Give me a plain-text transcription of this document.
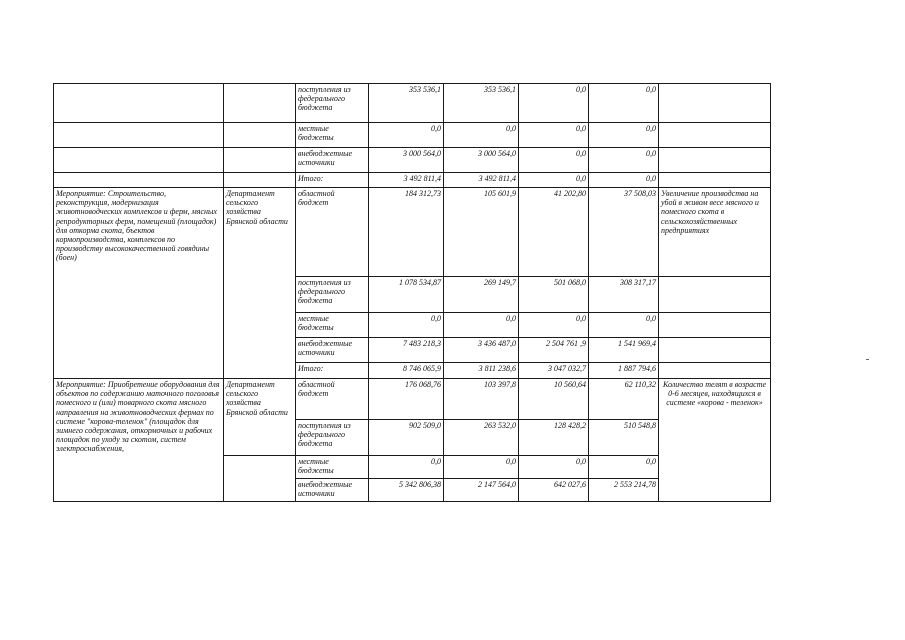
		поступления из федерального бюджета	353 536,1	353 536,1	0,0	0,0	
		местные бюджеты	0,0	0,0	0,0	0,0	
		внебюджетные источники	3 000 564,0	3 000 564,0	0,0	0,0	
		Итого:	3 492 811,4	3 492 811,4	0,0	0,0	
Мероприятие: Строительство, реконструкция, модернизация животноводческих комплексов и ферм, мясных репродукторных ферм, помещений (площадок) для откорма скота, бъектов кормопроизводства, комплексов по производству высококачественной говядины (боен)	Департамент сельского хозяйства Брянской области	областной бюджет	184 312,73	105 601,9	41 202,80	37 508,03	Увеличение производства на убой в живом весе мясного и помесного скота в сельскохозяйственных предприятиях
		поступления из федерального бюджета	1 078 534,87	269 149,7	501 068,0	308 317,17	
		местные бюджеты	0,0	0,0	0,0	0,0	
		внебюджетные источники	7 483 218,3	3 436 487,0	2 504 761 ,9	1 541 969,4	
		Итого:	8 746 065,9	3 811 238,6	3 047 032,7	1 887 794,6	
Мероприятие: Приобретение оборудования для объектов по содержанию маточного поголовья помесного и (или) товарного скота мясного направления на животноводческих фермах по системе "корова-теленок" (площадок для зимнего содержания, откормочных и рабочих площадок по уходу за скотом, систем электроснабжения,	Департамент сельского хозяйства Брянской области	областной бюджет	176 068,76	103 397,8	10 560,64	62 110,32	Количество телят в возрасте 0-6 месяцев, находящихся в системе «корова - теленок»
		поступления из федерального бюджета	902 509,0	263 532,0	128 428,2	510 548,8	
		местные бюджеты	0,0	0,0	0,0	0,0	
		внебюджетные источники	5 342 806,38	2 147 564,0	642 027,6	2 553 214,78	
